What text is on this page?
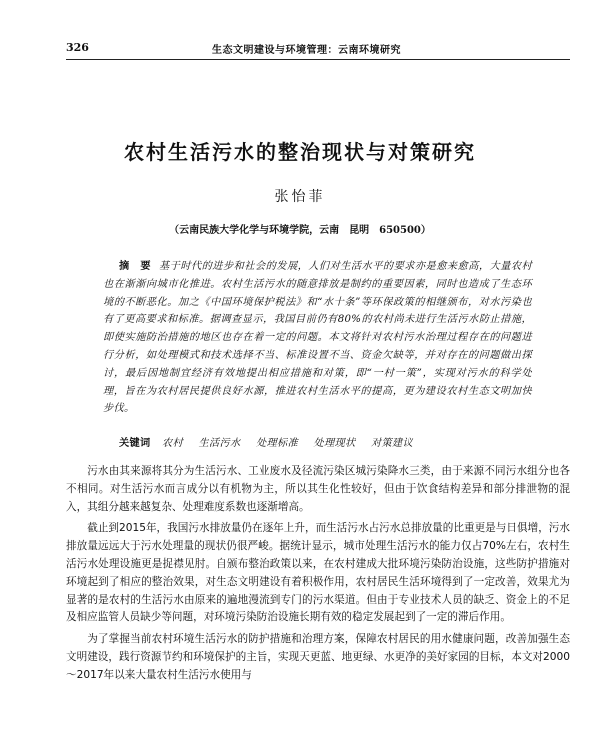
326	生态文明建设与环境管理：云南环境研究
农村生活污水的整治现状与对策研究
张怡菲
（云南民族大学化学与环境学院，云南　昆明　650500）
摘　要 基于时代的进步和社会的发展，人们对生活水平的要求亦是愈来愈高，大量农村也在渐渐向城市化推进。农村生活污水的随意排放是制约的重要因素，同时也造成了生态环境的不断恶化。加之《中国环境保护税法》和“水十条”等环保政策的相继颁布，对水污染也有了更高要求和标准。据调查显示，我国目前仍有80%的农村尚未进行生活污水防止措施，即使实施防治措施的地区也存在着一定的问题。本文将针对农村污水治理过程存在的问题进行分析，如处理模式和技术选择不当、标准设置不当、资金欠缺等，并对存在的问题做出探讨，最后因地制宜经济有效地提出相应措施和对策，即“一村一策”，实现对污水的科学处理，旨在为农村居民提供良好水源，推进农村生活水平的提高，更为建设农村生态文明加快步伐。
关键词 农村 生活污水 处理标准 处理现状 对策建议

污水由其来源将其分为生活污水、工业废水及径流污染区城污染降水三类，由于来源不同污水组分也各不相同。对生活污水而言成分以有机物为主，所以其生化性较好，但由于饮食结构差异和部分排泄物的混入，其组分越来越复杂、处理难度系数也逐渐增高。

截止到2015年，我国污水排放量仍在逐年上升，而生活污水占污水总排放量的比重更是与日俱增，污水排放量远远大于污水处理量的现状仍很严峻。据统计显示，城市处理生活污水的能力仅占70%左右，农村生活污水处理设施更是捉襟见肘。自颁布整治政策以来，在农村建成大批环境污染防治设施，这些防护措施对环境起到了相应的整治效果，对生态文明建设有着积极作用，农村居民生活环境得到了一定改善，效果尤为显著的是农村的生活污水由原来的遍地漫流到专门的污水渠道。但由于专业技术人员的缺乏、资金上的不足及相应监管人员缺少等问题，对环境污染防治设施长期有效的稳定发展起到了一定的滞后作用。

为了掌握当前农村环境生活污水的防护措施和治理方案，保障农村居民的用水健康问题，改善加强生态文明建设，践行资源节约和环境保护的主旨，实现天更蓝、地更绿、水更净的美好家园的目标，本文对2000～2017年以来大量农村生活污水使用与
